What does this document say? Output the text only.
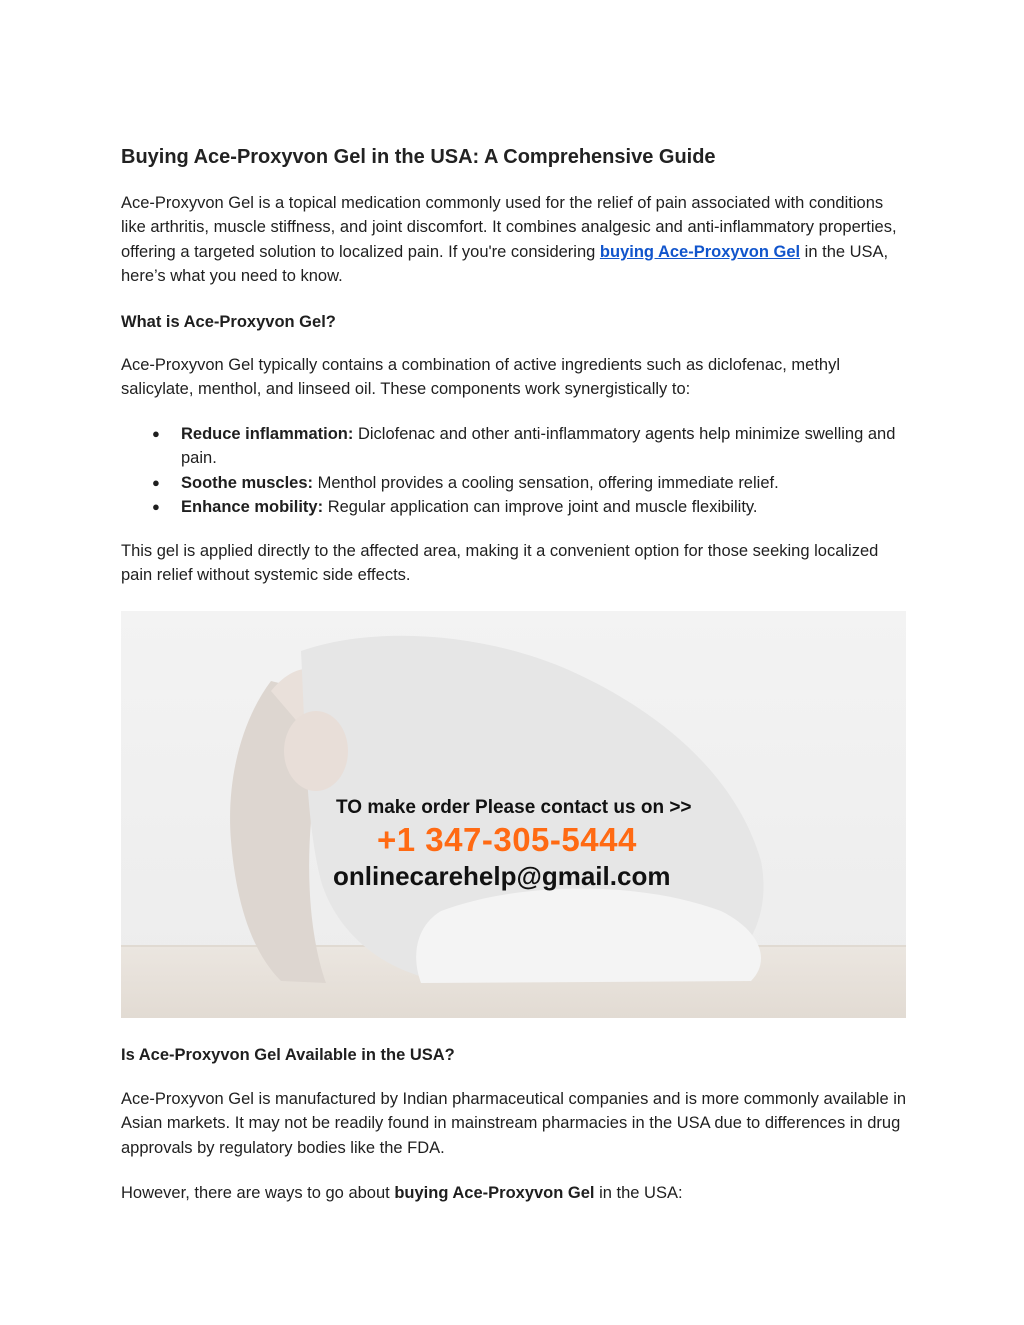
Buying Ace-Proxyvon Gel in the USA: A Comprehensive Guide

Ace-Proxyvon Gel is a topical medication commonly used for the relief of pain associated with conditions like arthritis, muscle stiffness, and joint discomfort. It combines analgesic and anti-inflammatory properties, offering a targeted solution to localized pain. If you're considering buying Ace-Proxyvon Gel in the USA, here’s what you need to know.

What is Ace-Proxyvon Gel?

Ace-Proxyvon Gel typically contains a combination of active ingredients such as diclofenac, methyl salicylate, menthol, and linseed oil. These components work synergistically to:

● Reduce inflammation: Diclofenac and other anti-inflammatory agents help minimize swelling and pain.
● Soothe muscles: Menthol provides a cooling sensation, offering immediate relief.
● Enhance mobility: Regular application can improve joint and muscle flexibility.

This gel is applied directly to the affected area, making it a convenient option for those seeking localized pain relief without systemic side effects.

TO make order Please contact us on >>
+1 347-305-5444
onlinecarehelp@gmail.com

Is Ace-Proxyvon Gel Available in the USA?

Ace-Proxyvon Gel is manufactured by Indian pharmaceutical companies and is more commonly available in Asian markets. It may not be readily found in mainstream pharmacies in the USA due to differences in drug approvals by regulatory bodies like the FDA.

However, there are ways to go about buying Ace-Proxyvon Gel in the USA:
